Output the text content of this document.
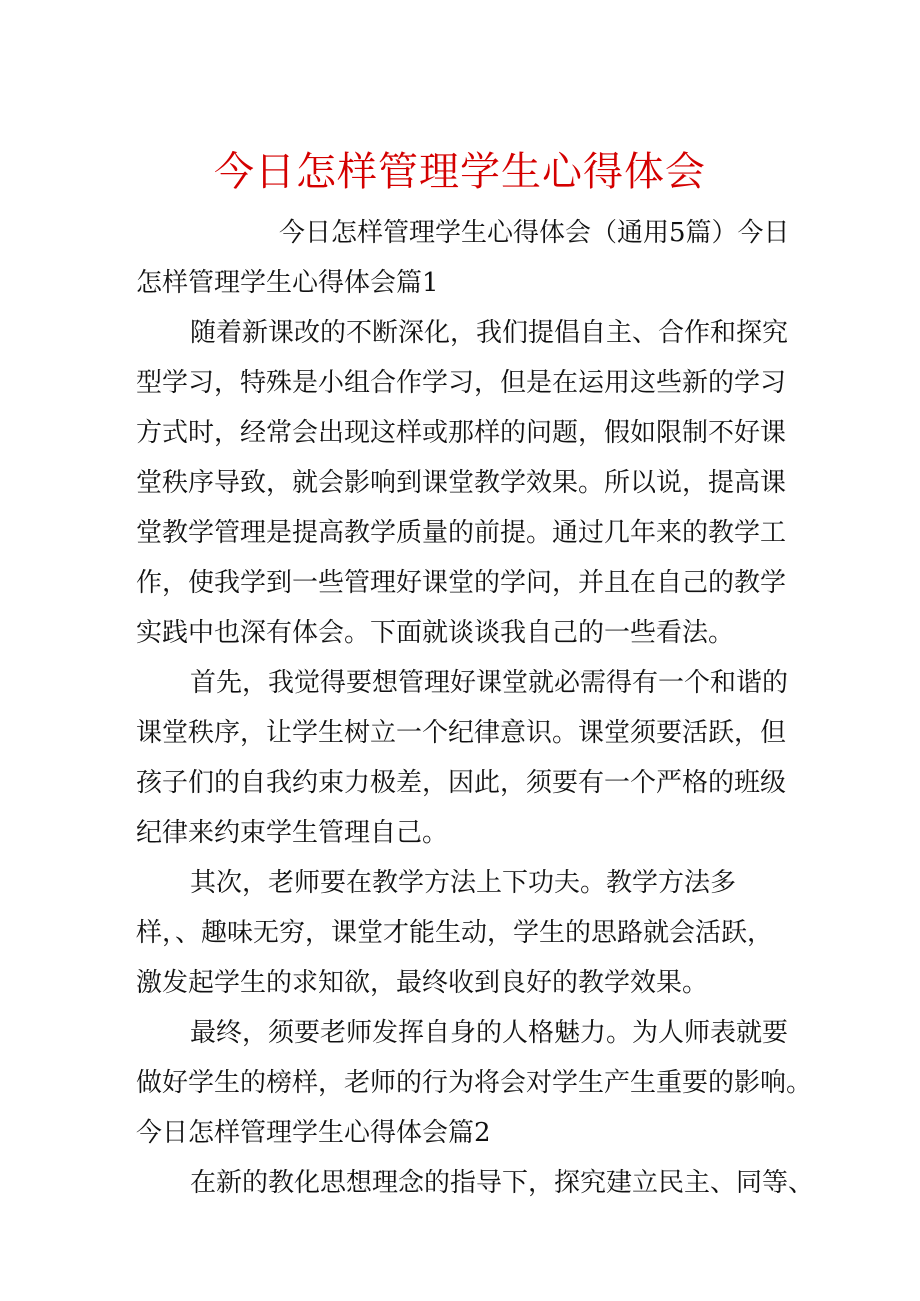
今日怎样管理学生心得体会
今日怎样管理学生心得体会（通用5篇）今日
怎样管理学生心得体会篇1
随着新课改的不断深化，我们提倡自主、合作和探究
型学习，特殊是小组合作学习，但是在运用这些新的学习
方式时，经常会出现这样或那样的问题，假如限制不好课
堂秩序导致，就会影响到课堂教学效果。所以说，提高课
堂教学管理是提高教学质量的前提。通过几年来的教学工
作，使我学到一些管理好课堂的学问，并且在自己的教学
实践中也深有体会。下面就谈谈我自己的一些看法。
首先，我觉得要想管理好课堂就必需得有一个和谐的
课堂秩序，让学生树立一个纪律意识。课堂须要活跃，但
孩子们的自我约束力极差，因此，须要有一个严格的班级
纪律来约束学生管理自己。
其次，老师要在教学方法上下功夫。教学方法多
样，、趣味无穷，课堂才能生动，学生的思路就会活跃，
激发起学生的求知欲，最终收到良好的教学效果。
最终，须要老师发挥自身的人格魅力。为人师表就要
做好学生的榜样，老师的行为将会对学生产生重要的影响。
今日怎样管理学生心得体会篇2
在新的教化思想理念的指导下，探究建立民主、同等、
